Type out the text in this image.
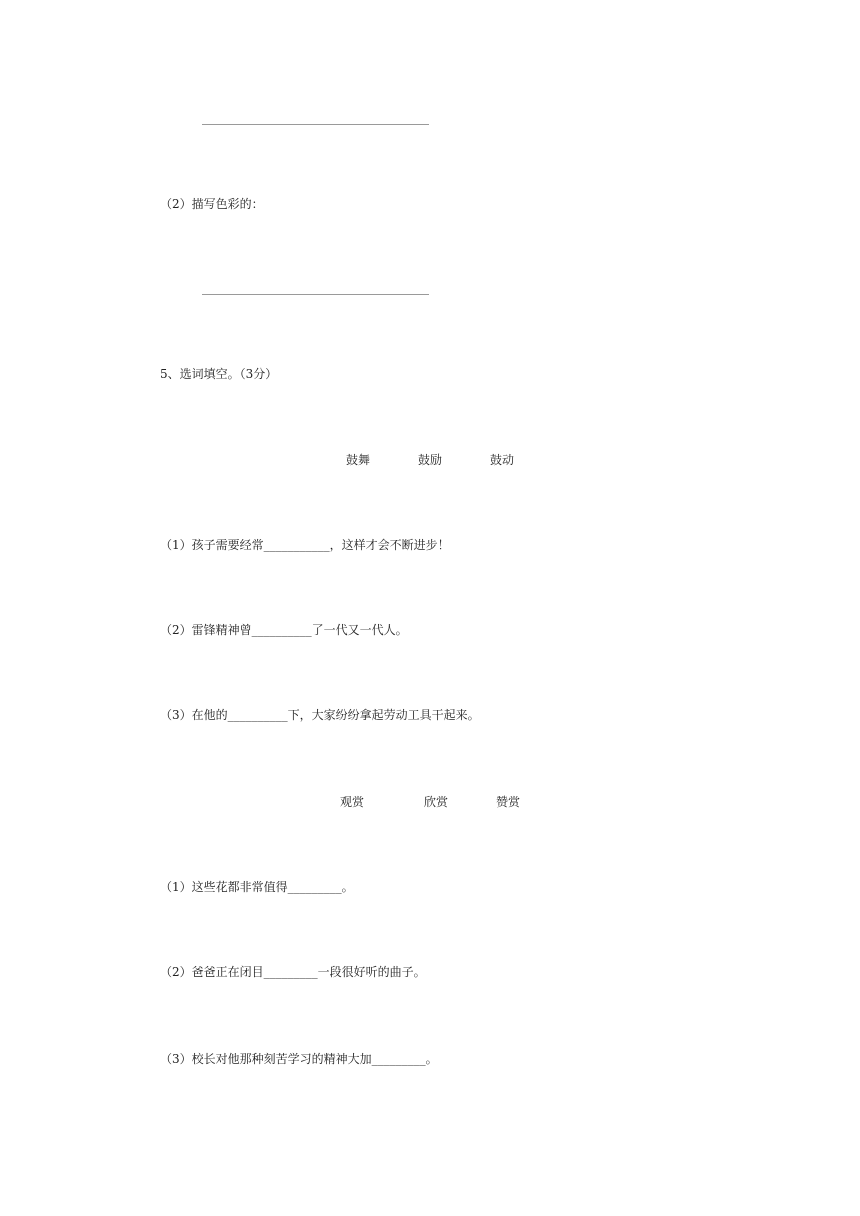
（2）描写色彩的：
5、选词填空。（3分）
鼓舞	鼓励	鼓动
（1）孩子需要经常___________，这样才会不断进步！
（2）雷锋精神曾__________了一代又一代人。
（3）在他的__________下，大家纷纷拿起劳动工具干起来。
观赏	欣赏	赞赏
（1）这些花都非常值得_________。
（2）爸爸正在闭目_________一段很好听的曲子。
（3）校长对他那种刻苦学习的精神大加_________。
